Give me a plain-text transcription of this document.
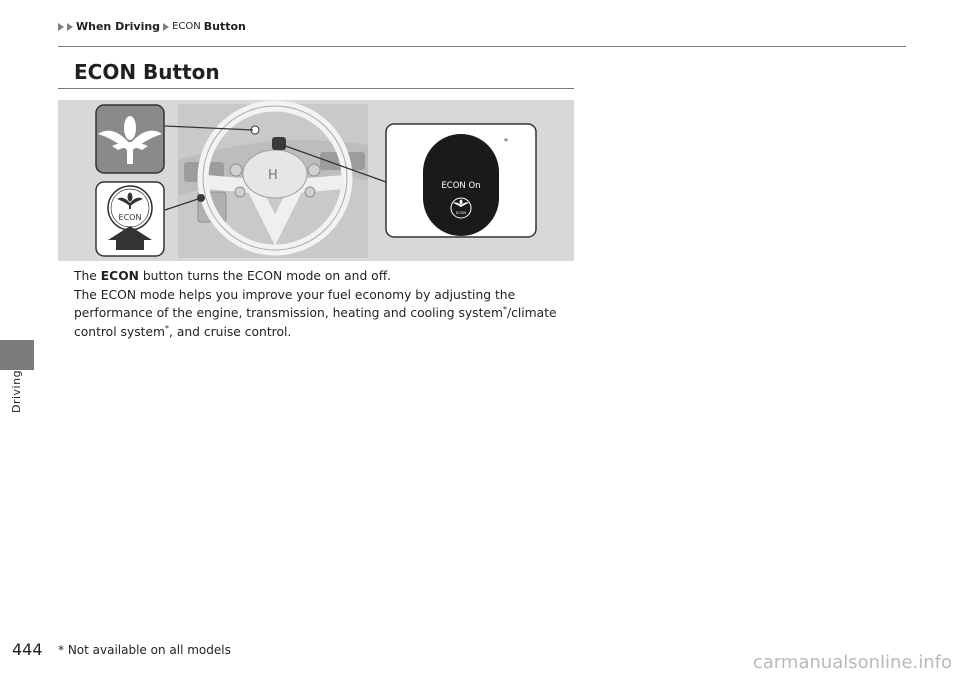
When Driving ECON Button
Driving
ECON Button
H
ECON
ECON On
ECON
*

The ECON button turns the ECON mode on and off.

The ECON mode helps you improve your fuel economy by adjusting the performance of the engine, transmission, heating and cooling system*/climate control system*, and cruise control.

444 * Not available on all models
carmanualsonline.info
